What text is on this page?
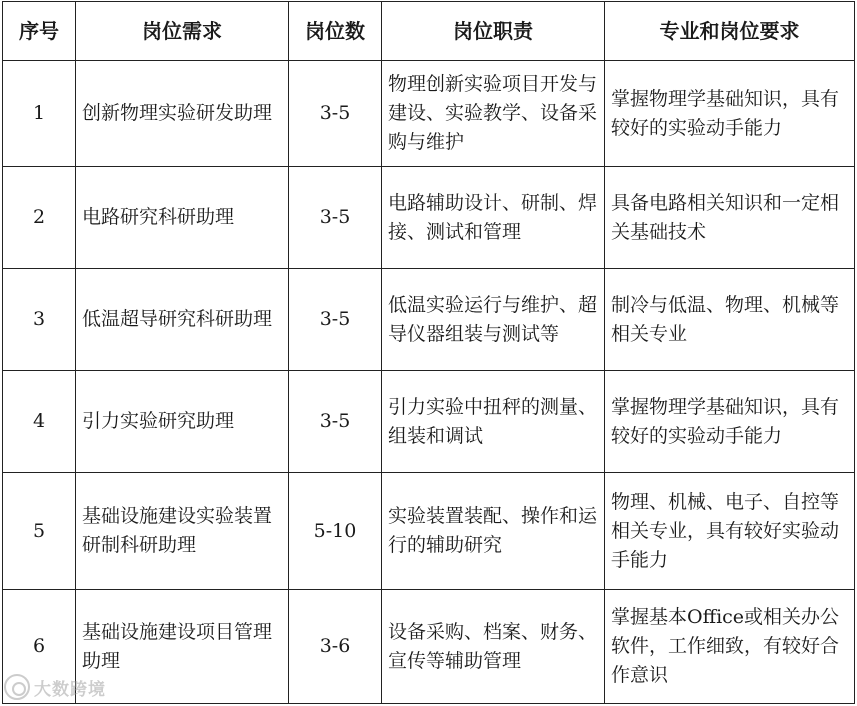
序号	岗位需求	岗位数	岗位职责	专业和岗位要求
1	创新物理实验研发助理	3-5	物理创新实验项目开发与建设、实验教学、设备采购与维护	掌握物理学基础知识，具有较好的实验动手能力
2	电路研究科研助理	3-5	电路辅助设计、研制、焊接、测试和管理	具备电路相关知识和一定相关基础技术
3	低温超导研究科研助理	3-5	低温实验运行与维护、超导仪器组装与测试等	制冷与低温、物理、机械等相关专业
4	引力实验研究助理	3-5	引力实验中扭秤的测量、组装和调试	掌握物理学基础知识，具有较好的实验动手能力
5	基础设施建设实验装置研制科研助理	5-10	实验装置装配、操作和运行的辅助研究	物理、机械、电子、自控等相关专业，具有较好实验动手能力
6	基础设施建设项目管理助理	3-6	设备采购、档案、财务、宣传等辅助管理	掌握基本Office或相关办公软件，工作细致，有较好合作意识
大数跨境
